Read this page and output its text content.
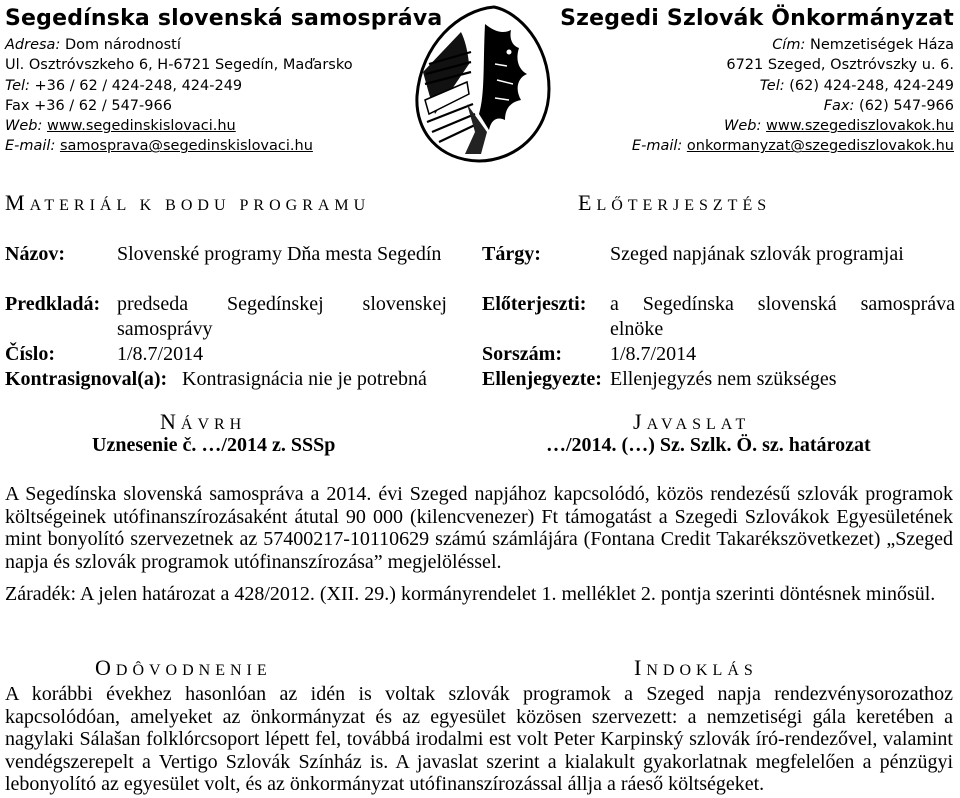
Segedínska slovenská samospráva
Adresa: Dom národností
Ul. Osztróvszkeho 6, H-6721 Segedín, Maďarsko
Tel: +36 / 62 / 424-248, 424-249
Fax +36 / 62 / 547-966
Web: www.segedinskislovaci.hu
E-mail: samosprava@segedinskislovaci.hu
Szegedi Szlovák Önkormányzat
Cím: Nemzetiségek Háza
6721 Szeged, Osztróvszky u. 6.
Tel: (62) 424-248, 424-249
Fax: (62) 547-966
Web: www.szegediszlovakok.hu
E-mail: onkormanyzat@szegediszlovakok.hu
MATERIÁL K BODU PROGRAMU	ELŐTERJESZTÉS
Názov:	Slovenské programy Dňa mesta Segedín
Predkladá: predseda Segedínskej slovenskej samosprávy
Číslo:	1/8.7/2014
Kontrasignoval(a): Kontrasignácia nie je potrebná
Tárgy:	Szeged napjának szlovák programjai
Előterjeszti: a Segedínska slovenská samospráva elnöke
Sorszám: 1/8.7/2014
Ellenjegyezte: Ellenjegyzés nem szükséges
NÁVRH
Uznesenie č. …/2014 z. SSSp
JAVASLAT
…/2014. (…) Sz. Szlk. Ö. sz. határozat
A Segedínska slovenská samospráva a 2014. évi Szeged napjához kapcsolódó, közös rendezésű szlovák programok költségeinek utófinanszírozásaként átutal 90 000 (kilencvenezer) Ft támogatást a Szegedi Szlovákok Egyesületének mint bonyolító szervezetnek az 57400217-10110629 számú számlájára (Fontana Credit Takarékszövetkezet) „Szeged napja és szlovák programok utófinanszírozása” megjelöléssel.
Záradék: A jelen határozat a 428/2012. (XII. 29.) kormányrendelet 1. melléklet 2. pontja szerinti döntésnek minősül.
ODÔVODNENIE	INDOKLÁS
A korábbi évekhez hasonlóan az idén is voltak szlovák programok a Szeged napja rendezvénysorozathoz kapcsolódóan, amelyeket az önkormányzat és az egyesület közösen szervezett: a nemzetiségi gála keretében a nagylaki Sálašan folklórcsoport lépett fel, továbbá irodalmi est volt Peter Karpinský szlovák író-rendezővel, valamint vendégszerepelt a Vertigo Szlovák Színház is. A javaslat szerint a kialakult gyakorlatnak megfelelően a pénzügyi lebonyolító az egyesület volt, és az önkormányzat utófinanszírozással állja a ráeső költségeket.
